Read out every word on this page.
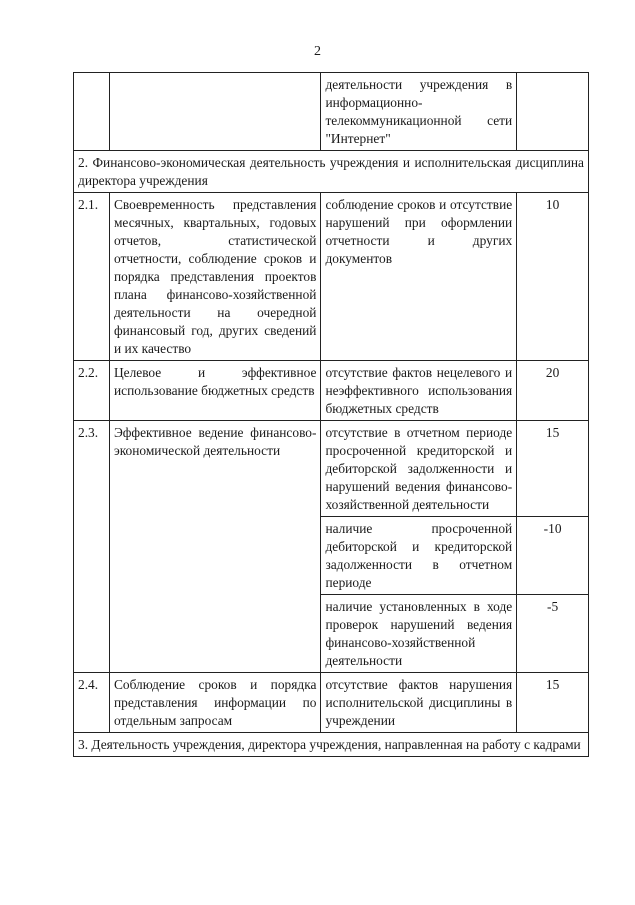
2
		деятельности учреждения в информационно-телекоммуникационной сети "Интернет"	
2. Финансово-экономическая деятельность учреждения и исполнительская дисциплина директора учреждения			
2.1.	Своевременность представления месячных, квартальных, годовых отчетов, статистической отчетности, соблюдение сроков и порядка представления проектов плана финансово-хозяйственной деятельности на очередной финансовый год, других сведений и их качество	соблюдение сроков и отсутствие нарушений при оформлении отчетности и других документов	10
2.2.	Целевое и эффективное использование бюджетных средств	отсутствие фактов нецелевого и неэффективного использования бюджетных средств	20
2.3.	Эффективное ведение финансово-экономической деятельности	отсутствие в отчетном периоде просроченной кредиторской и дебиторской задолженности и нарушений ведения финансово-хозяйственной деятельности	15
		наличие просроченной дебиторской и кредиторской задолженности в отчетном периоде	-10
		наличие установленных в ходе проверок нарушений ведения финансово-хозяйственной деятельности	-5
2.4.	Соблюдение сроков и порядка представления информации по отдельным запросам	отсутствие фактов нарушения исполнительской дисциплины в учреждении	15
3. Деятельность учреждения, директора учреждения, направленная на работу с кадрами			
